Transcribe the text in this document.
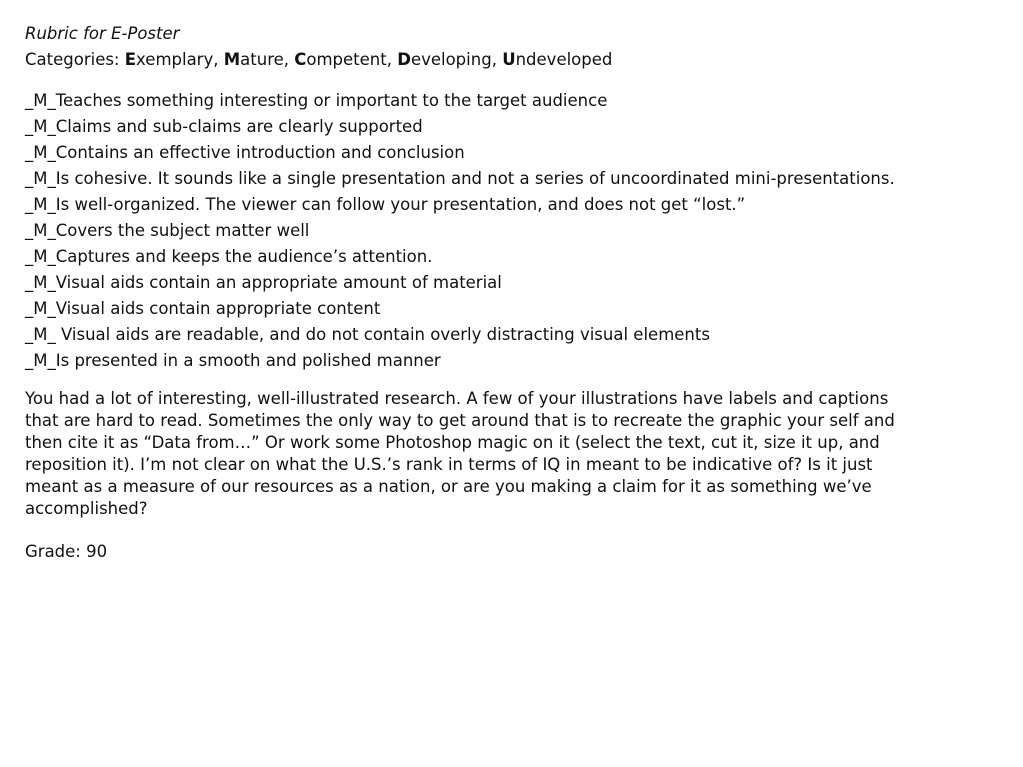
Rubric for E-Poster
Categories: Exemplary, Mature, Competent, Developing, Undeveloped
_M_Teaches something interesting or important to the target audience
_M_Claims and sub-claims are clearly supported
_M_Contains an effective introduction and conclusion
_M_Is cohesive. It sounds like a single presentation and not a series of uncoordinated mini-presentations.
_M_Is well-organized. The viewer can follow your presentation, and does not get “lost.”
_M_Covers the subject matter well
_M_Captures and keeps the audience’s attention.
_M_Visual aids contain an appropriate amount of material
_M_Visual aids contain appropriate content
_M_ Visual aids are readable, and do not contain overly distracting visual elements
_M_Is presented in a smooth and polished manner

You had a lot of interesting, well-illustrated research. A few of your illustrations have labels and captions that are hard to read. Sometimes the only way to get around that is to recreate the graphic your self and then cite it as “Data from…” Or work some Photoshop magic on it (select the text, cut it, size it up, and reposition it). I’m not clear on what the U.S.’s rank in terms of IQ in meant to be indicative of? Is it just meant as a measure of our resources as a nation, or are you making a claim for it as something we’ve accomplished?

Grade: 90
